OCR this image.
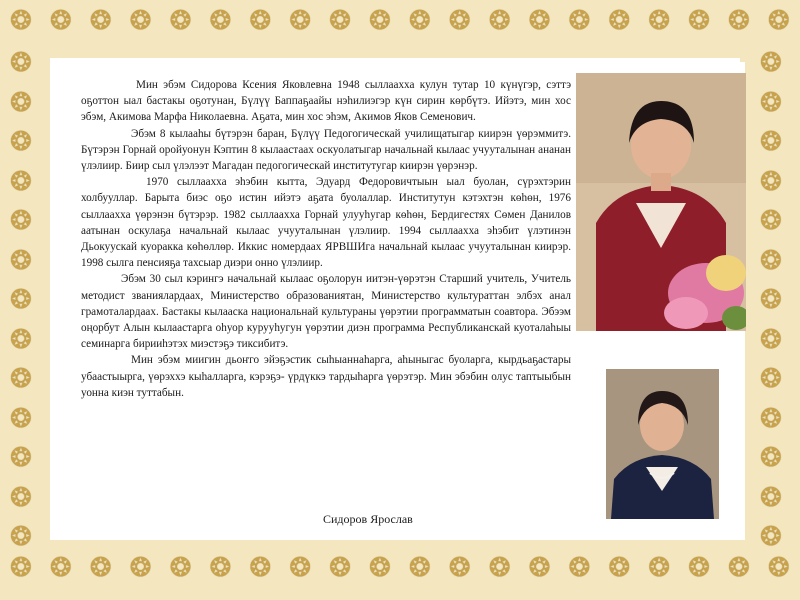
❂ ❂ ❂ ❂ ❂ ❂ ❂ ❂ ❂ ❂ ❂ ❂ ❂ ❂ ❂ ❂ ❂ ❂ ❂ ❂
❂ ❂ ❂ ❂ ❂ ❂ ❂ ❂ ❂ ❂ ❂ ❂ ❂ ❂ ❂ ❂ ❂ ❂ ❂ ❂
❂
❂
❂
❂
❂
❂
❂
❂
❂
❂
❂
❂
❂
❂
❂
❂
❂
❂
❂
❂
❂
❂
❂
❂
❂
❂

Мин эбэм Сидорова Ксения Яковлевна 1948 сыллаахха кулун тутар 10 күнүгэр, сэттэ оҕоттон ыал бастакы оҕотунан, Бүлүү Баппаҕаайы нэһилиэгэр күн сирин көрбүтэ. Ийэтэ, мин хос эбэм, Акимова Марфа Николаевна. Аҕата, мин хос эһэм, Акимов Яков Семенович.

Эбэм 8 кылааһы бүтэрэн баран, Бүлүү Педогогическай училищатыгар киирэн үөрэммитэ. Бүтэрэн Горнай оройуонун Кэптин 8 кылаастаах оскуолатыгар начальнай кылаас учууталынан ананан үлэлиир. Биир сыл үлэлээт Магадан педогогическай институтугар киирэн үөрэнэр.

1970 сыллаахха эһэбин кытта, Эдуард Федоровичтыын ыал буолан, сүрэхтэрин холбууллар. Барыта биэс оҕо истин ийэтэ аҕата буолаллар. Институтун кэтэхтэн көһөн, 1976 сыллаахха үөрэнэн бүтэрэр. 1982 сыллаахха Горнай улууһугар көһөн, Бердигестях Сөмен Данилов аатынан оскулаҕа начальнай кылаас учууталынан үлэлиир. 1994 сыллаахха эһэбит үлэтинэн Дьокуускай куоракка көһөллөр. Иккис номердаах ЯРВШИга начальнай кылаас учууталынан киирэр. 1998 сылга пенсияҕа тахсыар диэри онно үлэлиир.

Эбэм 30 сыл кэрингэ начальнай кылаас оҕолорун иитэн-үөрэтэн Старший учитель, Учитель методист званиялардаах, Министерство образованиятан, Министерство культураттан элбэх анал грамоталардаах. Бастакы кылааска национальнай культураны үөрэтии программатын соавтора. Эбээм оңорбут Алын кылаастарга оһуор курууһугун үөрэтии диэн программа Республиканскай куоталаһыы семинарга бирииһэтэх миэстэҕэ тиксибитэ.

Мин эбэм миигин дьоҥго эйэҕэстик сыһыаннаһарга, аһыныгас буоларга, кырдьаҕастары убаастыырга, үөрэххэ кыһалларга, кэрэҕэ- үрдүккэ тардыһарга үөрэтэр. Мин эбэбин олус таптыыбын уонна киэн туттабын.

Сидоров Ярослав
